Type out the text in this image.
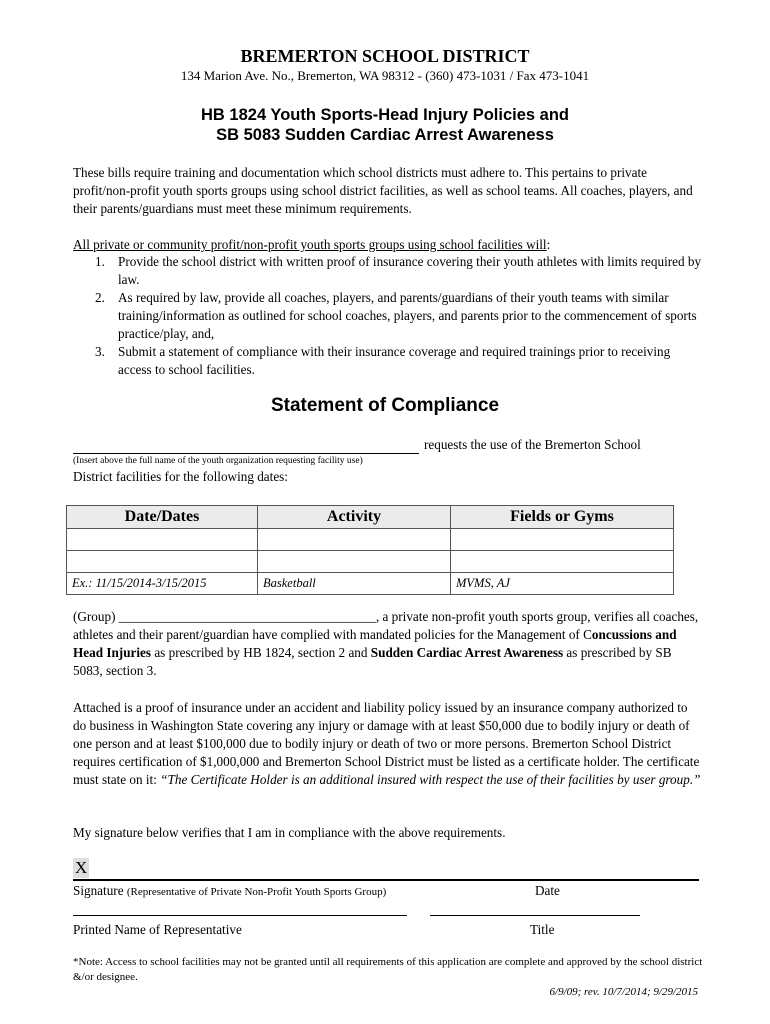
BREMERTON SCHOOL DISTRICT
134 Marion Ave. No., Bremerton, WA 98312 - (360) 473-1031 / Fax 473-1041
HB 1824 Youth Sports-Head Injury Policies and
SB 5083 Sudden Cardiac Arrest Awareness
These bills require training and documentation which school districts must adhere to. This pertains to private profit/non-profit youth sports groups using school district facilities, as well as school teams. All coaches, players, and their parents/guardians must meet these minimum requirements.
All private or community profit/non-profit youth sports groups using school facilities will:
1. Provide the school district with written proof of insurance covering their youth athletes with limits required by law.
2. As required by law, provide all coaches, players, and parents/guardians of their youth teams with similar training/information as outlined for school coaches, players, and parents prior to the commencement of sports practice/play, and,
3. Submit a statement of compliance with their insurance coverage and required trainings prior to receiving access to school facilities.
Statement of Compliance
requests the use of the Bremerton School
(Insert above the full name of the youth organization requesting facility use)
District facilities for the following dates:
Date/Dates	Activity	Fields or Gyms

Ex.: 11/15/2014-3/15/2015	Basketball	MVMS, AJ
(Group) _______________________________________, a private non-profit youth sports group, verifies all coaches, athletes and their parent/guardian have complied with mandated policies for the Management of Concussions and Head Injuries as prescribed by HB 1824, section 2 and Sudden Cardiac Arrest Awareness as prescribed by SB 5083, section 3.
Attached is a proof of insurance under an accident and liability policy issued by an insurance company authorized to do business in Washington State covering any injury or damage with at least $50,000 due to bodily injury or death of one person and at least $100,000 due to bodily injury or death of two or more persons. Bremerton School District requires certification of $1,000,000 and Bremerton School District must be listed as a certificate holder. The certificate must state on it: “The Certificate Holder is an additional insured with respect the use of their facilities by user group.”
My signature below verifies that I am in compliance with the above requirements.
X
Signature (Representative of Private Non-Profit Youth Sports Group)	Date
Printed Name of Representative	Title
*Note: Access to school facilities may not be granted until all requirements of this application are complete and approved by the school district &/or designee.
6/9/09; rev. 10/7/2014; 9/29/2015
